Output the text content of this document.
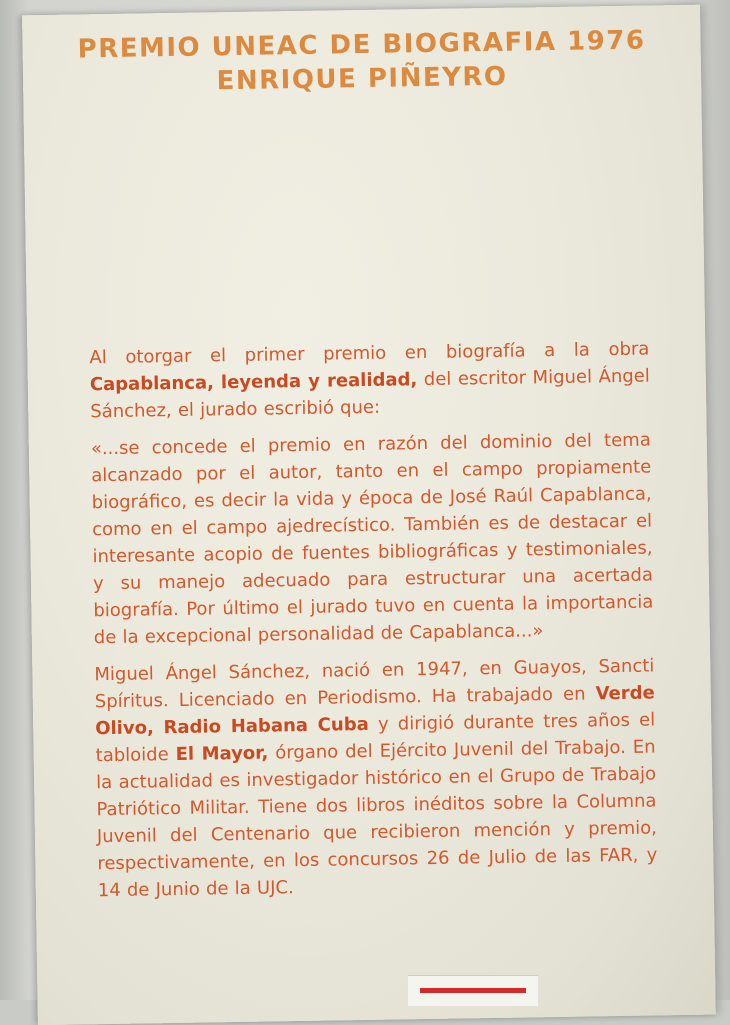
PREMIO UNEAC DE BIOGRAFIA 1976
ENRIQUE PIÑEYRO

Al otorgar el primer premio en biografía a la obra Capablanca, leyenda y realidad, del escritor Miguel Ángel Sánchez, el jurado escribió que:

«...se concede el premio en razón del dominio del tema alcanzado por el autor, tanto en el campo propiamente biográfico, es decir la vida y época de José Raúl Capablanca, como en el campo ajedrecístico. También es de destacar el interesante acopio de fuentes bibliográficas y testimoniales, y su manejo adecuado para estructurar una acertada biografía. Por último el jurado tuvo en cuenta la importancia de la excepcional personalidad de Capablanca...»

Miguel Ángel Sánchez, nació en 1947, en Guayos, Sancti Spíritus. Licenciado en Periodismo. Ha trabajado en Verde Olivo, Radio Habana Cuba y dirigió durante tres años el tabloide El Mayor, órgano del Ejército Juvenil del Trabajo. En la actualidad es investigador histórico en el Grupo de Trabajo Patriótico Militar. Tiene dos libros inéditos sobre la Columna Juvenil del Centenario que recibieron mención y premio, respectivamente, en los concursos 26 de Julio de las FAR, y 14 de Junio de la UJC.
